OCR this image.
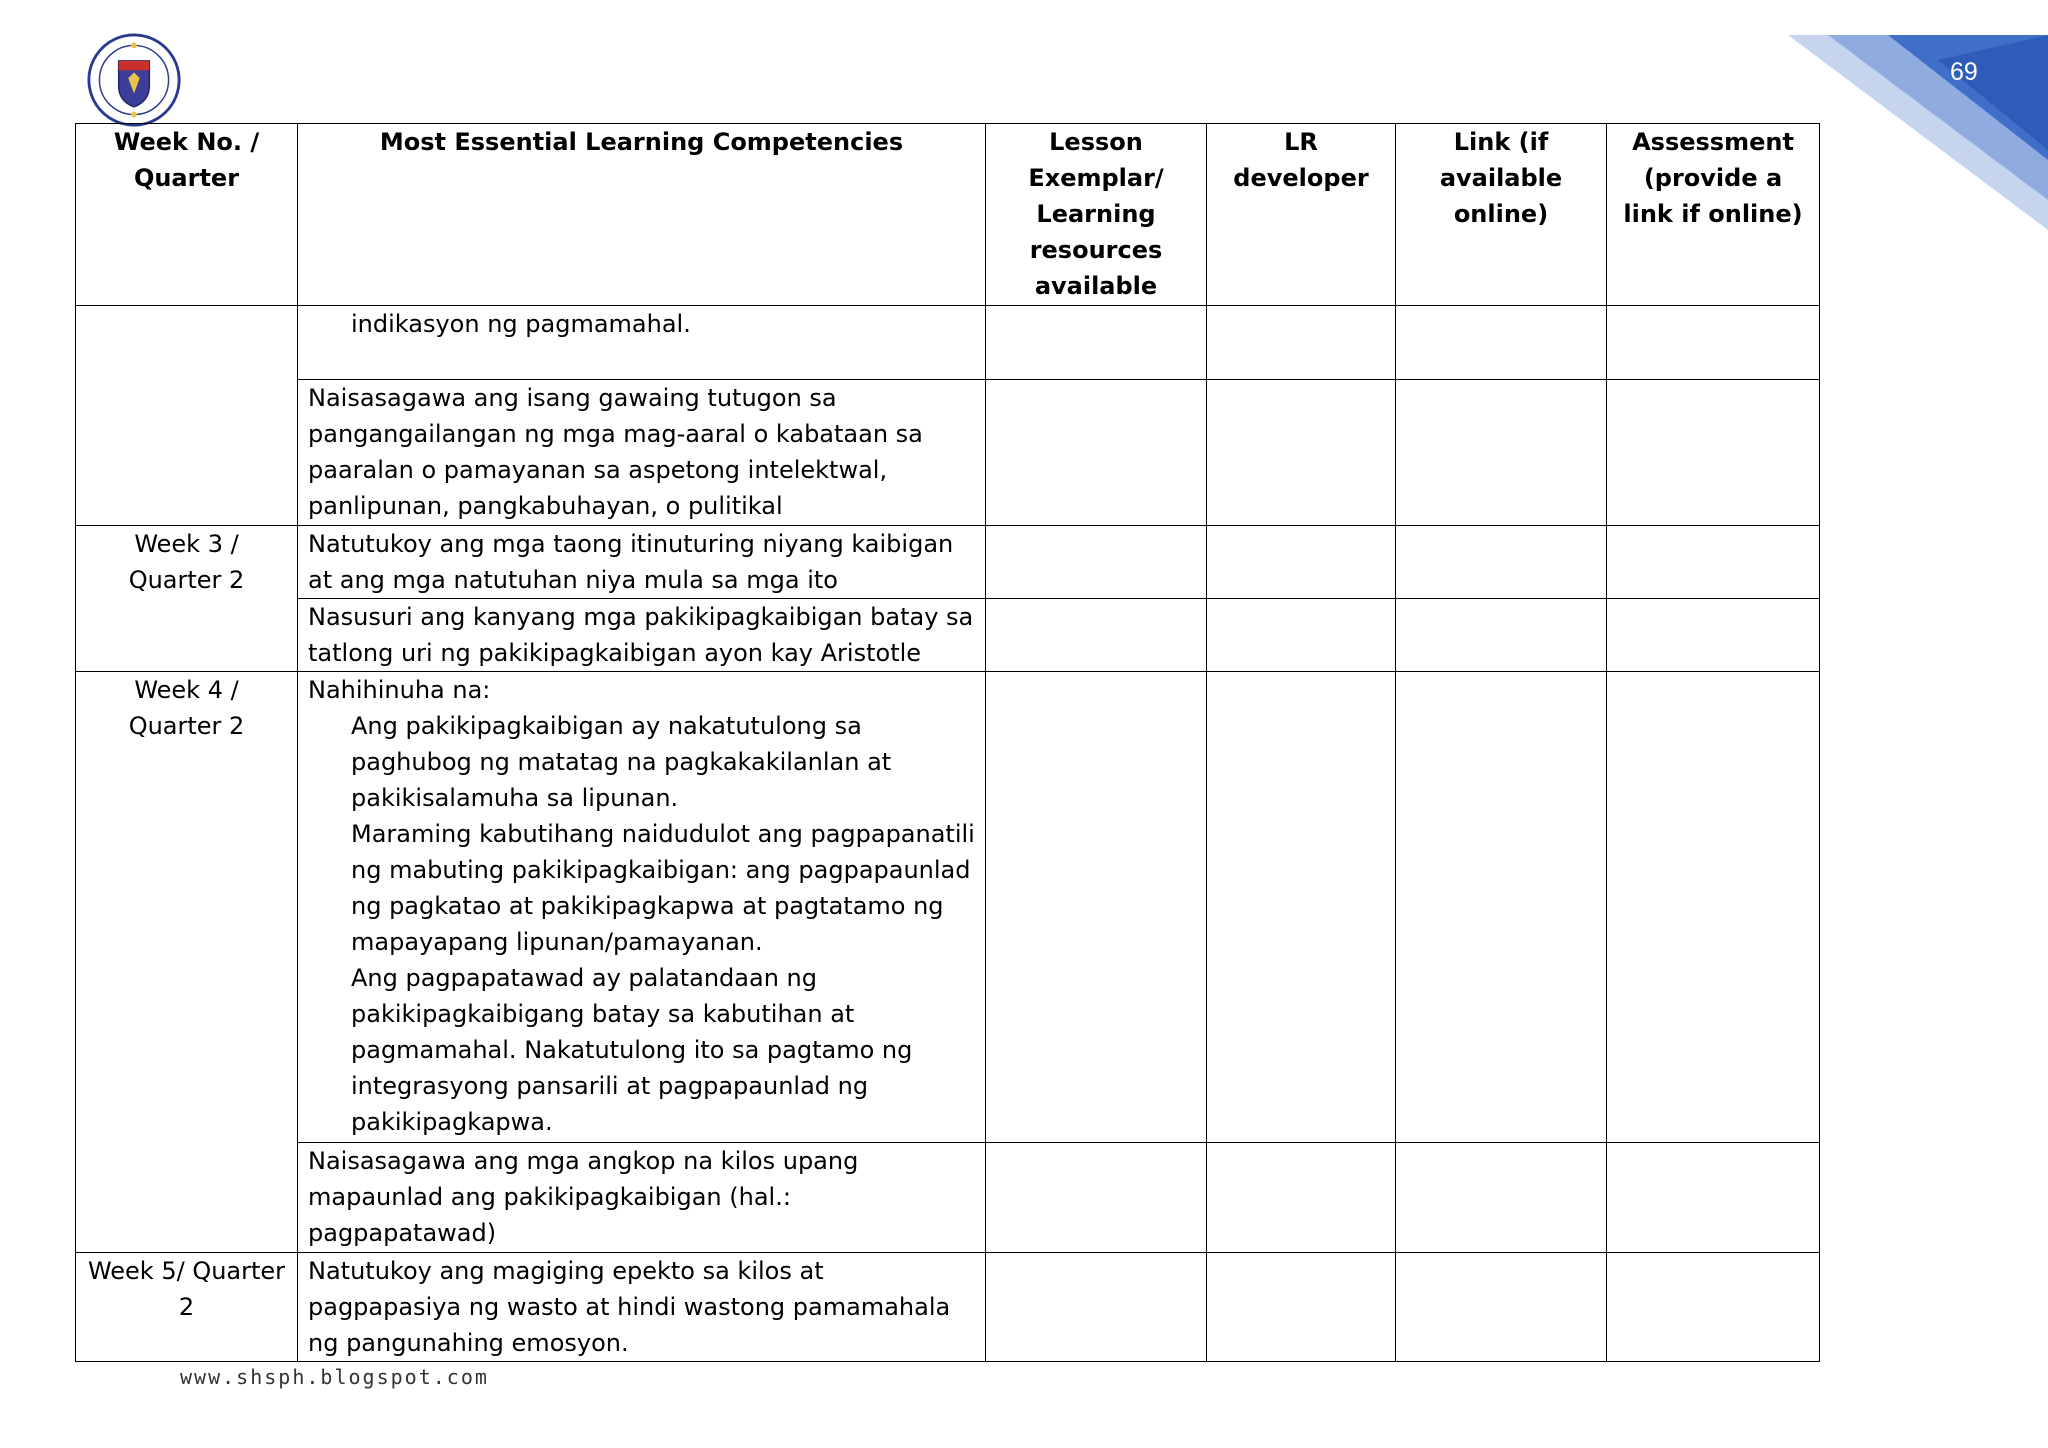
69
Week No. / Quarter	Most Essential Learning Competencies	Lesson Exemplar/ Learning resources available	LR developer	Link (if available online)	Assessment (provide a link if online)

	indikasyon ng pagmamahal.				

	Naisasagawa ang isang gawaing tutugon sa pangangailangan ng mga mag-aaral o kabataan sa paaralan o pamayanan sa aspetong intelektwal, panlipunan, pangkabuhayan, o pulitikal				
Week 3 / Quarter 2	Natutukoy ang mga taong itinuturing niyang kaibigan at ang mga natutuhan niya mula sa mga ito				
	Nasusuri ang kanyang mga pakikipagkaibigan batay sa tatlong uri ng pakikipagkaibigan ayon kay Aristotle				
Week 4 / Quarter 2	Nahihinuha na:
Ang pakikipagkaibigan ay nakatutulong sa paghubog ng matatag na pagkakakilanlan at pakikisalamuha sa lipunan.
Maraming kabutihang naidudulot ang pagpapanatili ng mabuting pakikipagkaibigan: ang pagpapaunlad ng pagkatao at pakikipagkapwa at pagtatamo ng mapayapang lipunan/pamayanan.
Ang pagpapatawad ay palatandaan ng pakikipagkaibigang batay sa kabutihan at pagmamahal. Nakatutulong ito sa pagtamo ng integrasyong pansarili at pagpapaunlad ng pakikipagkapwa.				

	Naisasagawa ang mga angkop na kilos upang mapaunlad ang pakikipagkaibigan (hal.: pagpapatawad)				
Week 5/ Quarter 2	Natutukoy ang magiging epekto sa kilos at pagpapasiya ng wasto at hindi wastong pamamahala ng pangunahing emosyon.				
www.shsph.blogspot.com
